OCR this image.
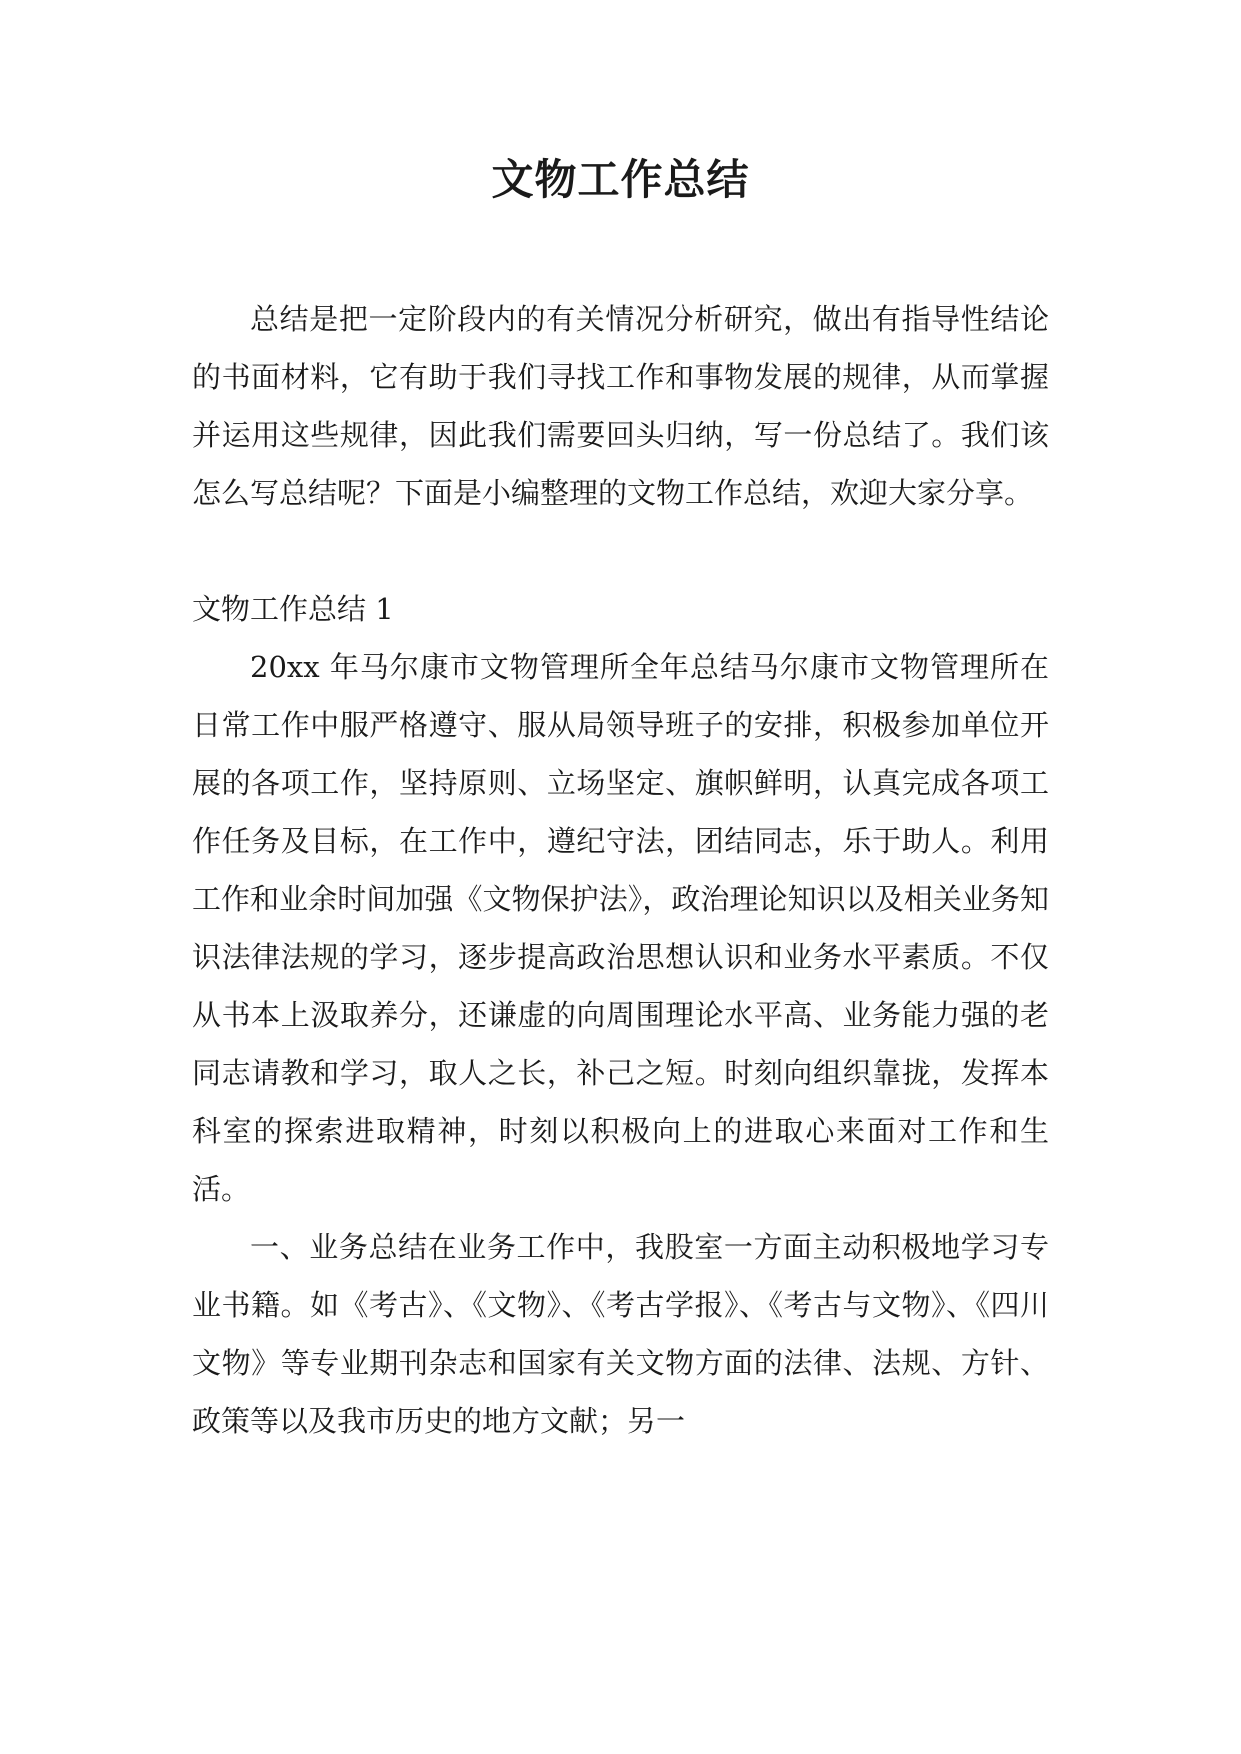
文物工作总结

总结是把一定阶段内的有关情况分析研究，做出有指导性结论的书面材料，它有助于我们寻找工作和事物发展的规律，从而掌握并运用这些规律，因此我们需要回头归纳，写一份总结了。我们该怎么写总结呢？下面是小编整理的文物工作总结，欢迎大家分享。

文物工作总结 1

20xx 年马尔康市文物管理所全年总结马尔康市文物管理所在日常工作中服严格遵守、服从局领导班子的安排，积极参加单位开展的各项工作，坚持原则、立场坚定、旗帜鲜明，认真完成各项工作任务及目标，在工作中，遵纪守法，团结同志，乐于助人。利用工作和业余时间加强《文物保护法》，政治理论知识以及相关业务知识法律法规的学习，逐步提高政治思想认识和业务水平素质。不仅从书本上汲取养分，还谦虚的向周围理论水平高、业务能力强的老同志请教和学习，取人之长，补己之短。时刻向组织靠拢，发挥本科室的探索进取精神，时刻以积极向上的进取心来面对工作和生活。

一、业务总结在业务工作中，我股室一方面主动积极地学习专业书籍。如《考古》、《文物》、《考古学报》、《考古与文物》、《四川文物》等专业期刊杂志和国家有关文物方面的法律、法规、方针、政策等以及我市历史的地方文献；另一
